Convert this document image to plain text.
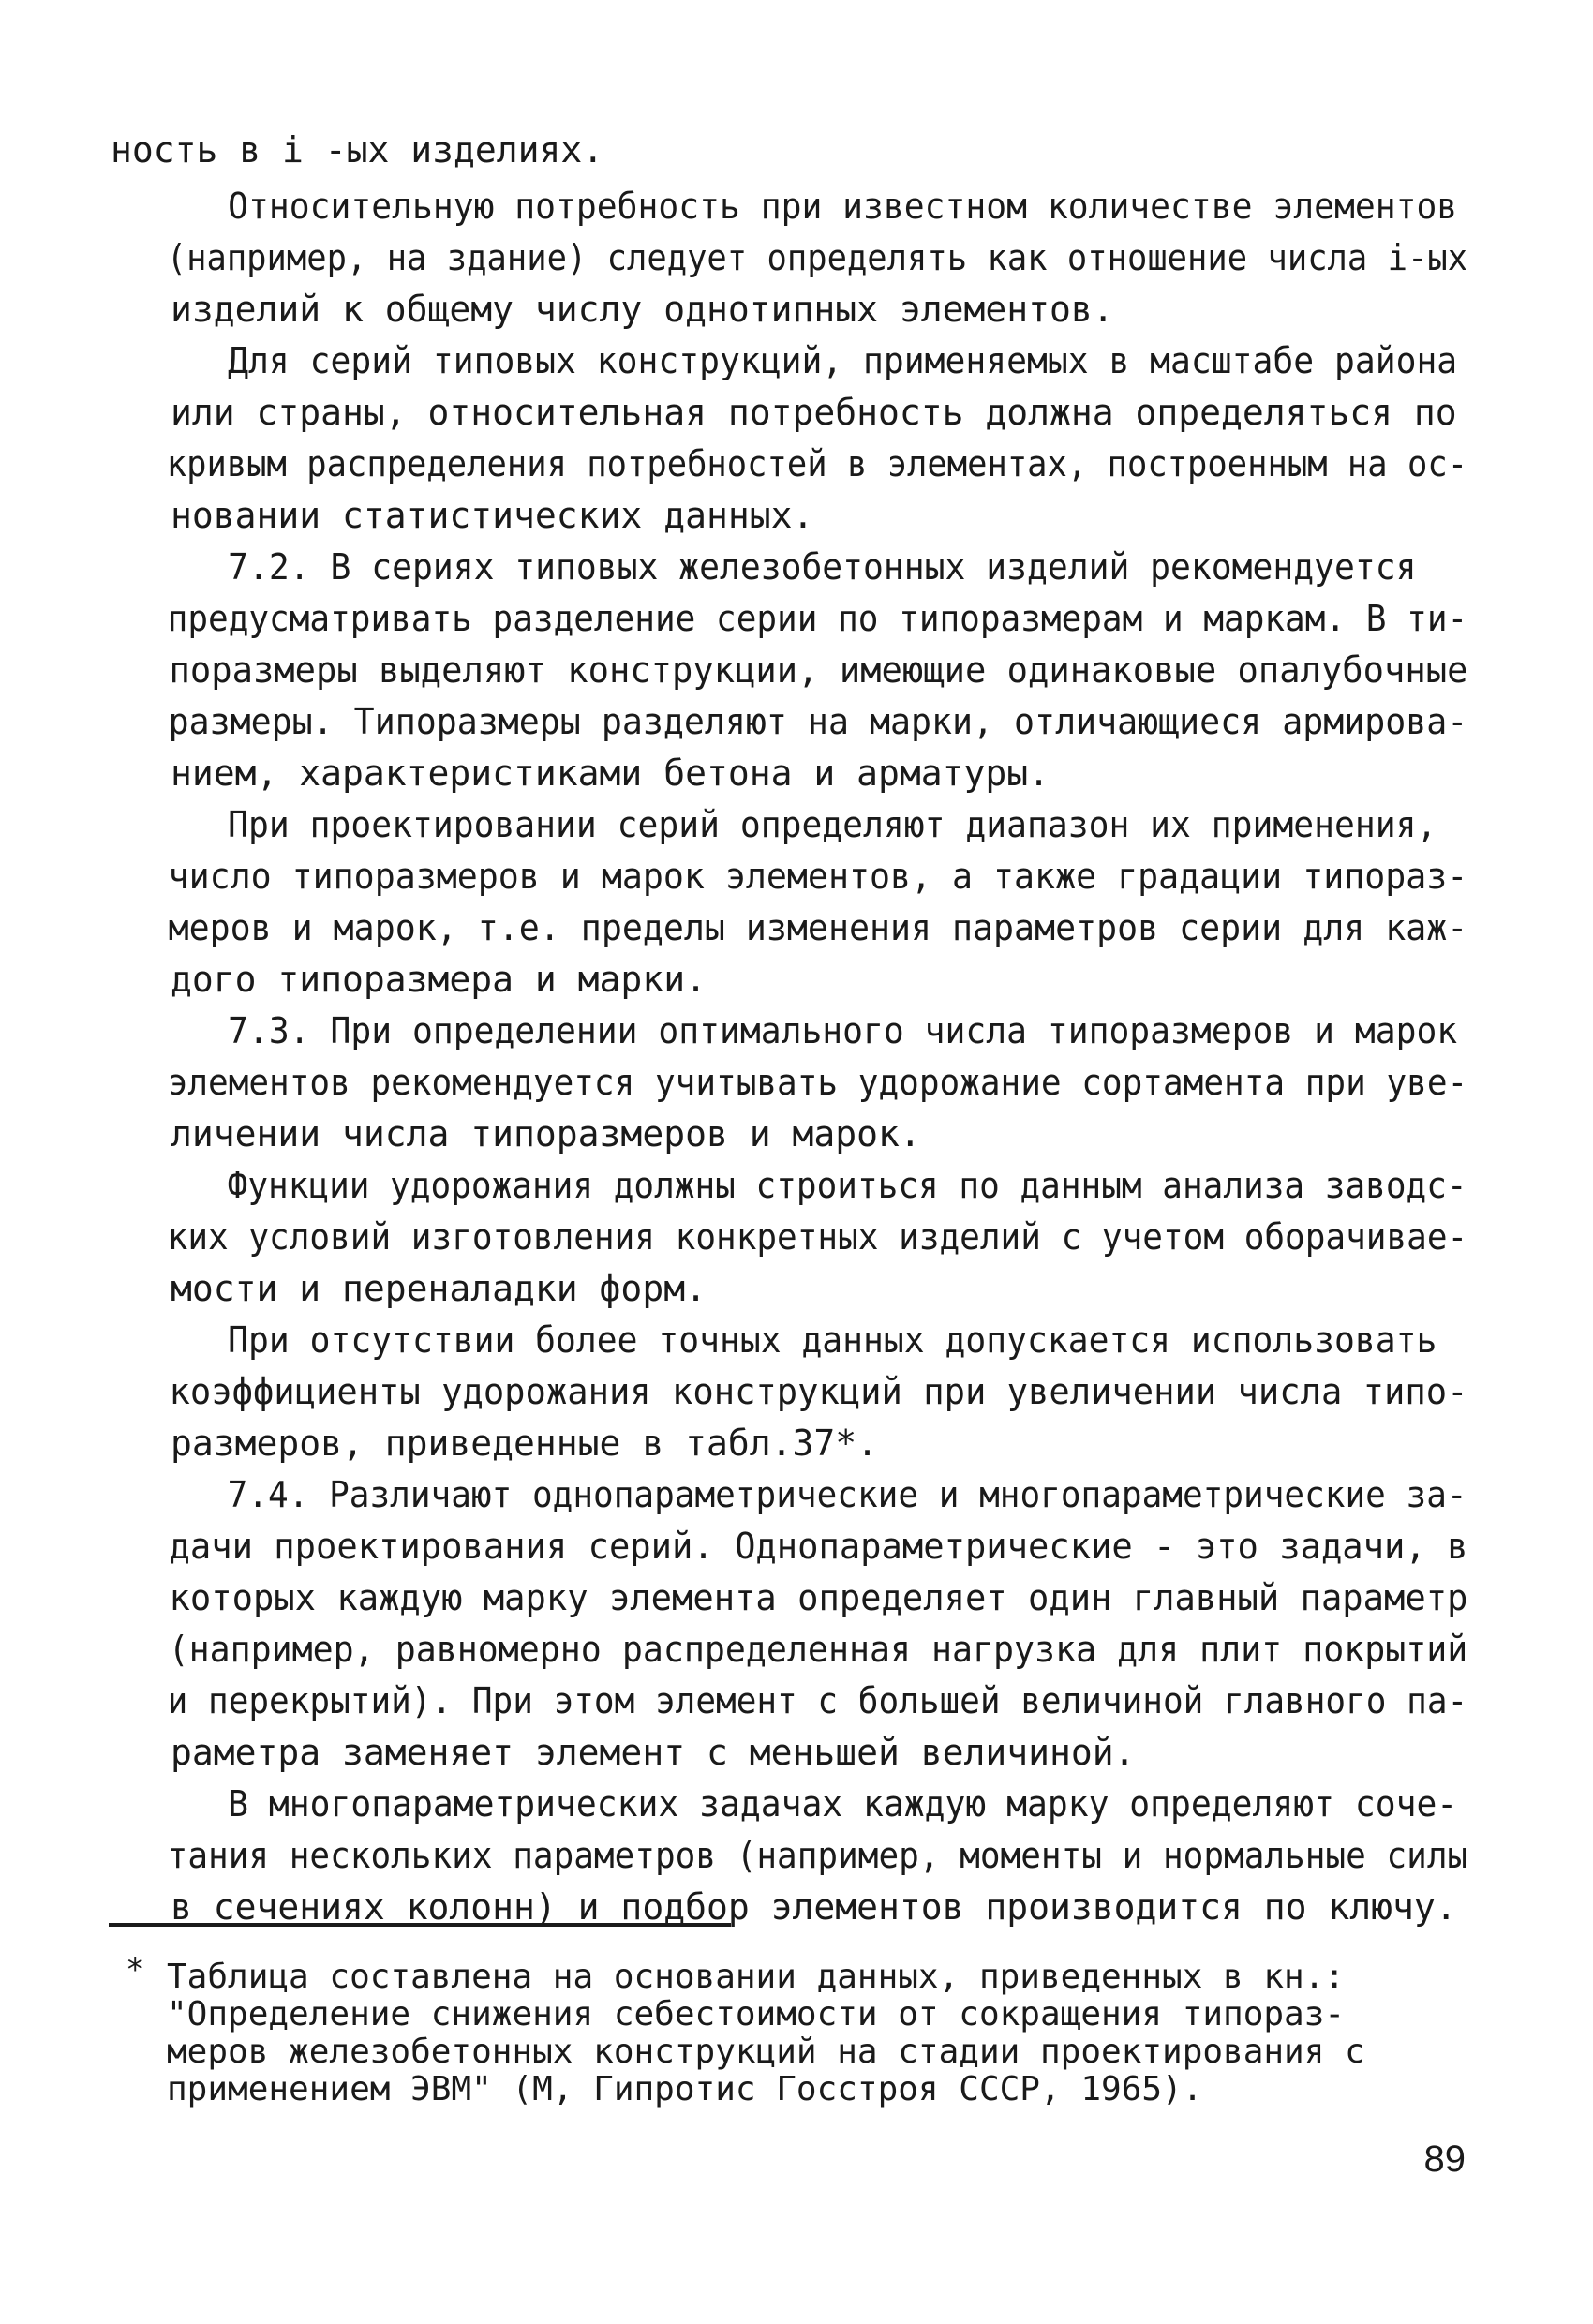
ность в i -ых изделиях.
Относительную потребность при известном количестве элементов (например, на здание) следует определять как отношение числа i-ых
изделий к общему числу однотипных элементов.
Для серий типовых конструкций, применяемых в масштабе района
или страны, относительная потребность должна определяться по
кривым распределения потребностей в элементах, построенным на ос-
новании статистических данных.
7.2. В сериях типовых железобетонных изделий рекомендуется предусматривать разделение серии по типоразмерам и маркам. В ти- поразмеры выделяют конструкции, имеющие одинаковые опалубочные размеры. Типоразмеры разделяют на марки, отличающиеся армирова-
нием, характеристиками бетона и арматуры.
При проектировании серий определяют диапазон их применения, число типоразмеров и марок элементов, а также градации типораз- меров и марок, т.е. пределы изменения параметров серии для каж-
дого типоразмера и марки.
7.3. При определении оптимального числа типоразмеров и марок элементов рекомендуется учитывать удорожание сортамента при уве-
личении числа типоразмеров и марок.
Функции удорожания должны строиться по данным анализа заводс- ких условий изготовления конкретных изделий с учетом оборачивае-
мости и переналадки форм.
При отсутствии более точных данных допускается использовать коэффициенты удорожания конструкций при увеличении числа типо-
размеров, приведенные в табл.37*.
7.4. Различают однопараметрические и многопараметрические за- дачи проектирования серий. Однопараметрические - это задачи, в которых каждую марку элемента определяет один главный параметр (например, равномерно распределенная нагрузка для плит покрытий и перекрытий). При этом элемент с большей величиной главного па-
раметра заменяет элемент с меньшей величиной.
В многопараметрических задачах каждую марку определяют соче- тания нескольких параметров (например, моменты и нормальные силы
в сечениях колонн) и подбор элементов производится по ключу.
* Таблица составлена на основании данных, приведенных в кн.:
"Определение снижения себестоимости от сокращения типораз-
меров железобетонных конструкций на стадии проектирования с
применением ЭВМ" (М, Гипротис Госстроя СССР, 1965).
89
